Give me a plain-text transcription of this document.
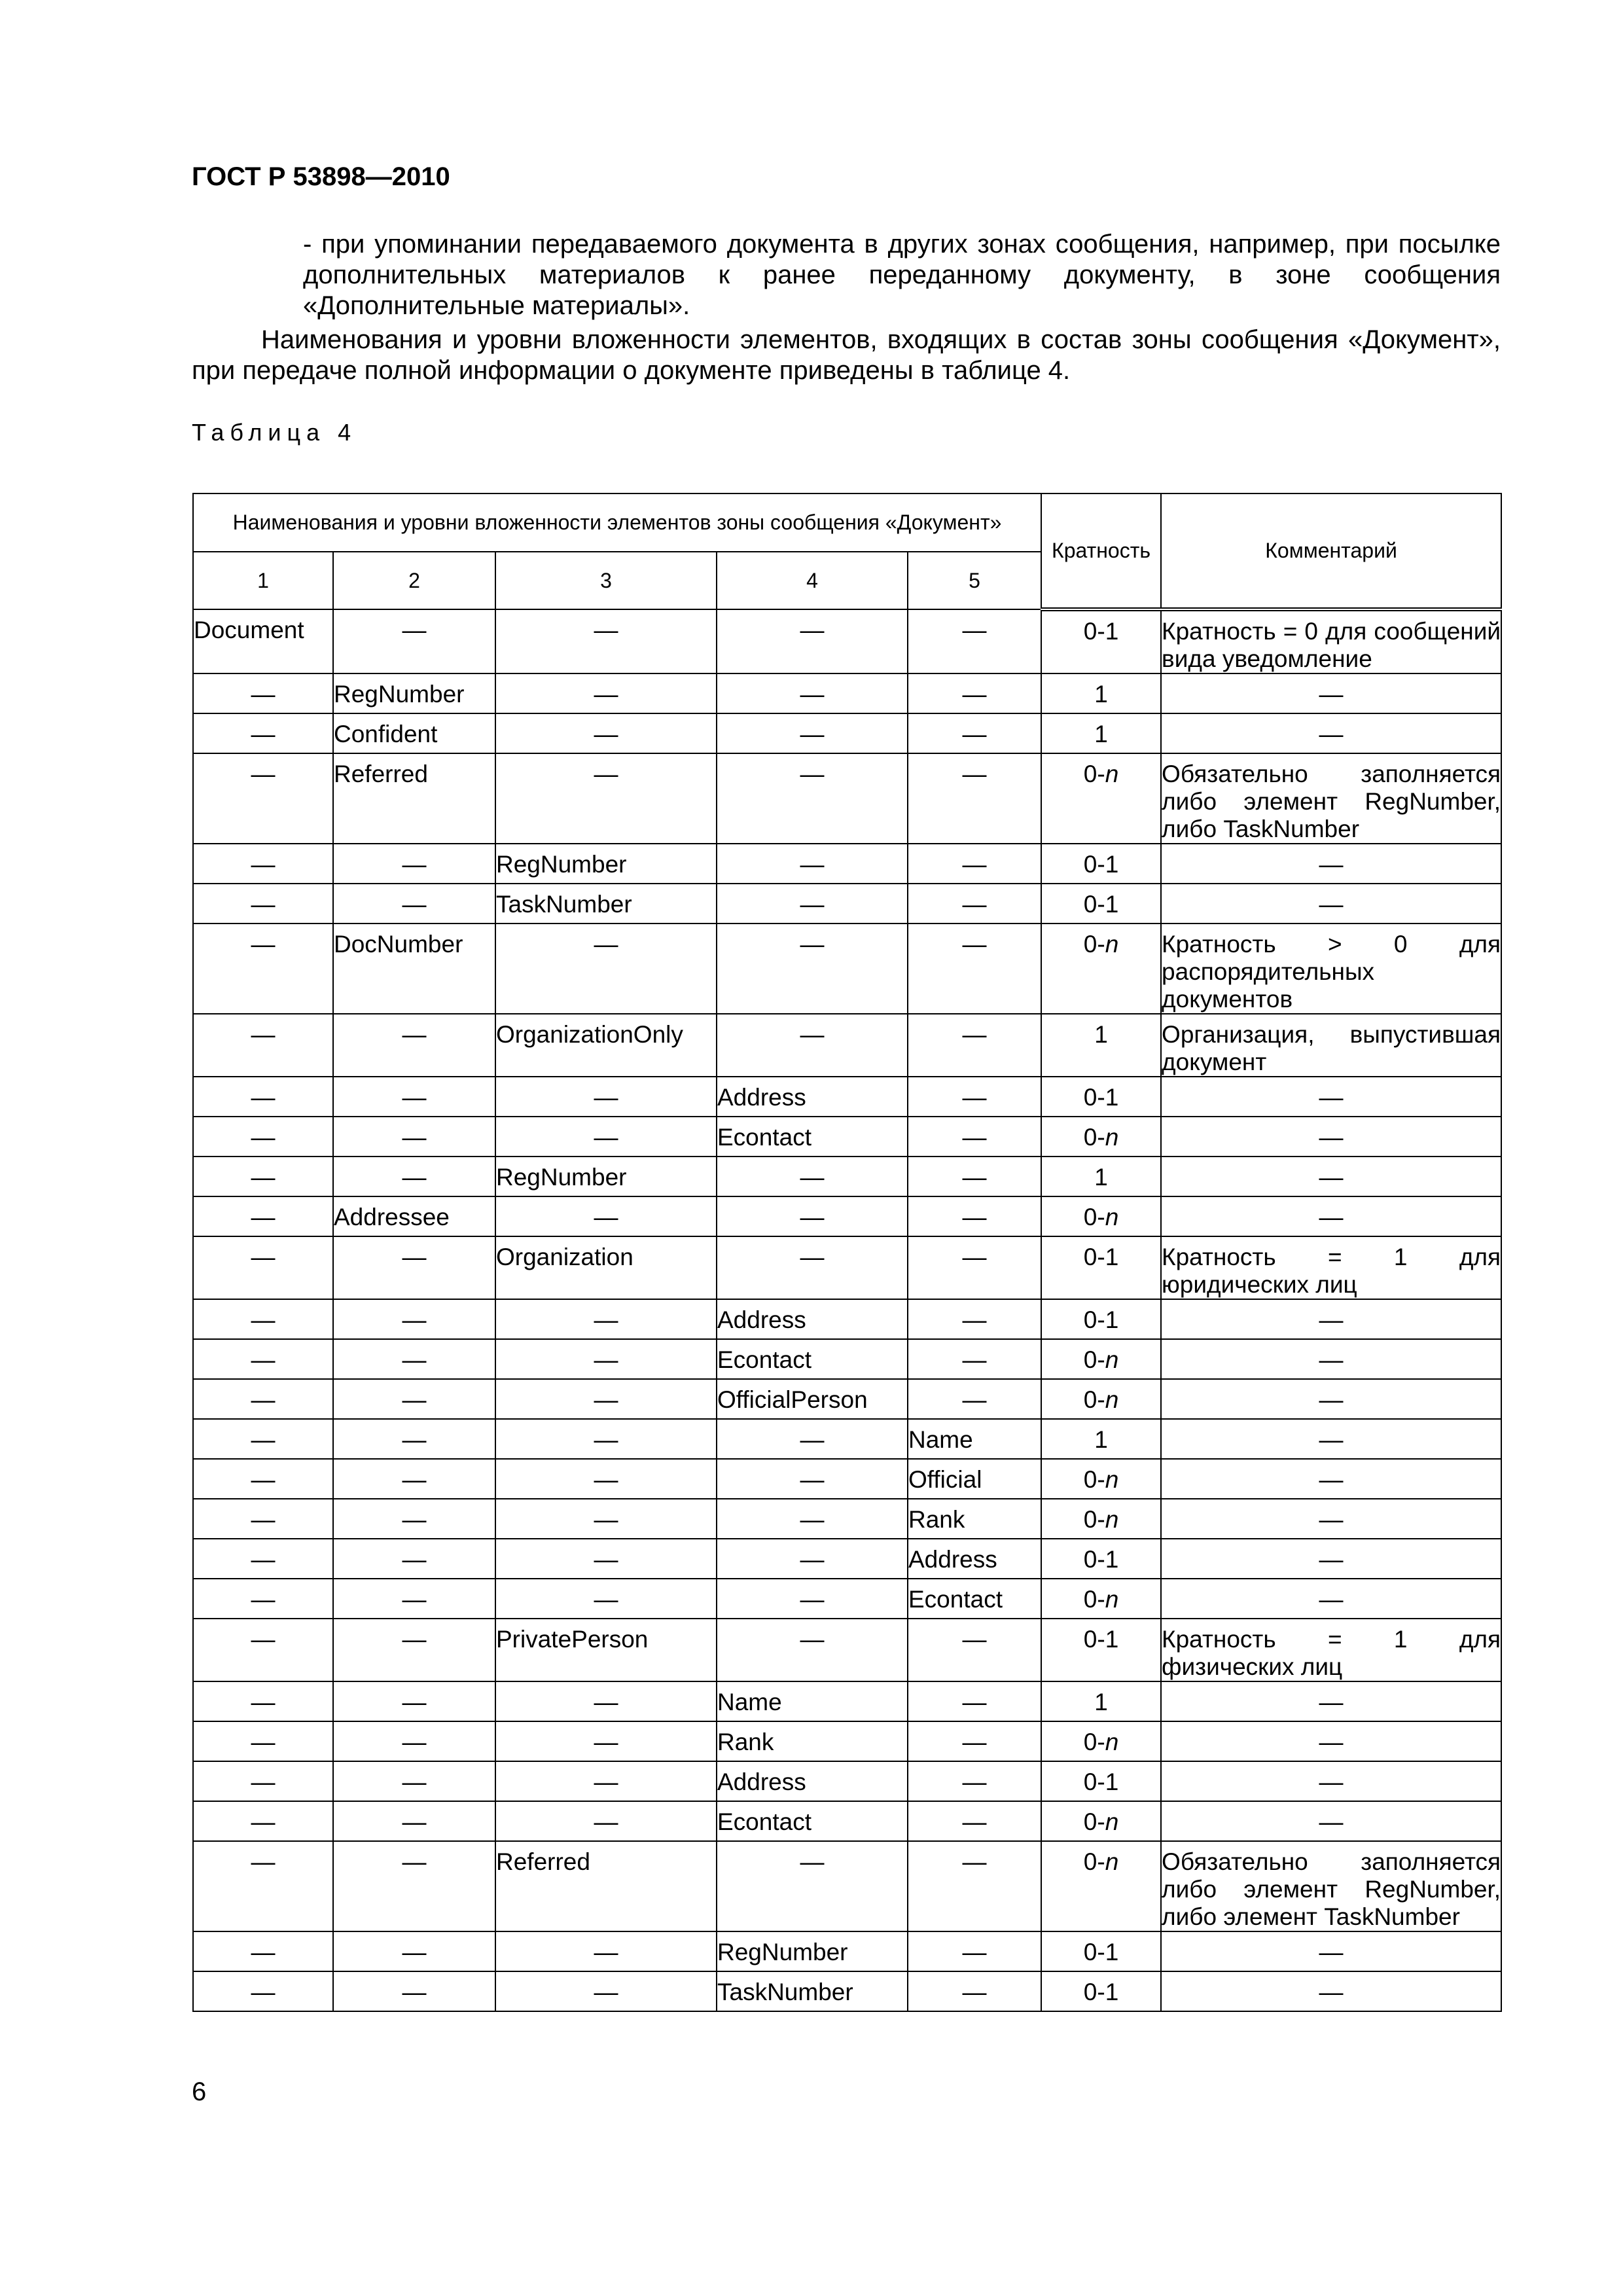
ГОСТ Р 53898—2010
- при упоминании передаваемого документа в других зонах сообщения, например, при посылке дополнительных материалов к ранее переданному документу, в зоне сообщения «Дополнительные материалы».
Наименования и уровни вложенности элементов, входящих в состав зоны сообщения «Документ», при передаче полной информации о документе приведены в таблице 4.
Таблица 4
Наименования и уровни вложенности элементов зоны сообщения «Документ»					Кратность	Комментарий
1	2	3	4	5		
Document	—	—	—	—	0-1	Кратность = 0 для сообщений вида уведомление
—	RegNumber	—	—	—	1	—
—	Confident	—	—	—	1	—
—	Referred	—	—	—	0-n	Обязательно заполняется либо элемент RegNumber, либо TaskNumber
—	—	RegNumber	—	—	0-1	—
—	—	TaskNumber	—	—	0-1	—
—	DocNumber	—	—	—	0-n	Кратность > 0 для распорядительных документов
—	—	OrganizationOnly	—	—	1	Организация, выпустившая документ
—	—	—	Address	—	0-1	—
—	—	—	Econtact	—	0-n	—
—	—	RegNumber	—	—	1	—
—	Addressee	—	—	—	0-n	—
—	—	Organization	—	—	0-1	Кратность = 1 для юридических лиц
—	—	—	Address	—	0-1	—
—	—	—	Econtact	—	0-n	—
—	—	—	OfficialPerson	—	0-n	—
—	—	—	—	Name	1	—
—	—	—	—	Official	0-n	—
—	—	—	—	Rank	0-n	—
—	—	—	—	Address	0-1	—
—	—	—	—	Econtact	0-n	—
—	—	PrivatePerson	—	—	0-1	Кратность = 1 для физических лиц
—	—	—	Name	—	1	—
—	—	—	Rank	—	0-n	—
—	—	—	Address	—	0-1	—
—	—	—	Econtact	—	0-n	—
—	—	Referred	—	—	0-n	Обязательно заполняется либо элемент RegNumber, либо элемент TaskNumber
—	—	—	RegNumber	—	0-1	—
—	—	—	TaskNumber	—	0-1	—
6
